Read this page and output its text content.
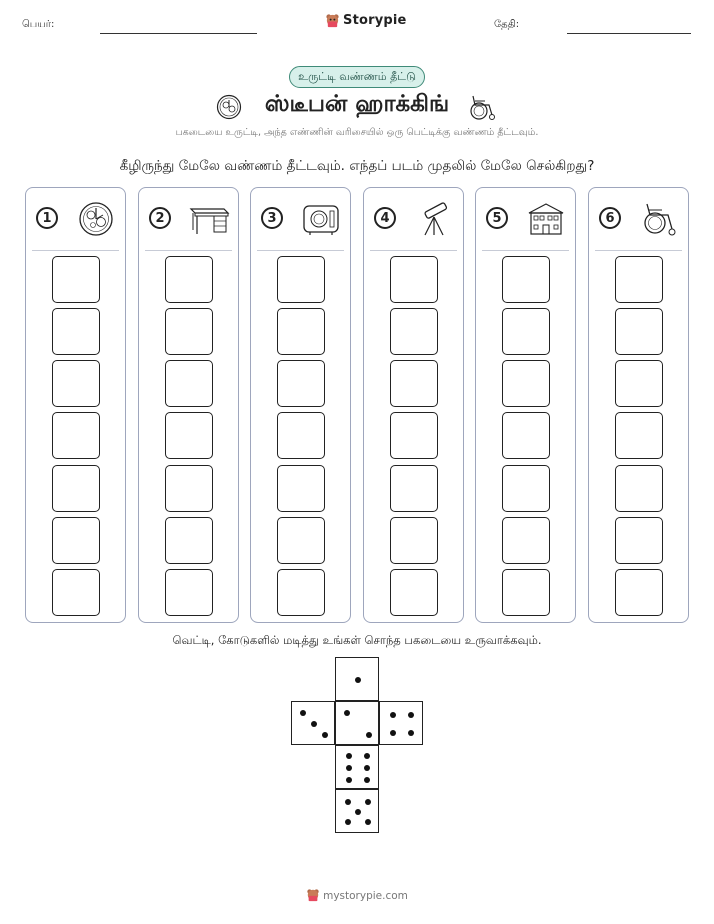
பெயர்:	Storypie	தேதி:
உருட்டி வண்ணம் தீட்டு
ஸ்டீபன் ஹாக்கிங்
பகடையை உருட்டி, அந்த எண்ணின் வரிசையில் ஒரு பெட்டிக்கு வண்ணம் தீட்டவும்.
கீழிருந்து மேலே வண்ணம் தீட்டவும். எந்தப் படம் முதலில் மேலே செல்கிறது?
1	2	3	4	5	6
வெட்டி, கோடுகளில் மடித்து உங்கள் சொந்த பகடையை உருவாக்கவும்.
mystorypie.com
